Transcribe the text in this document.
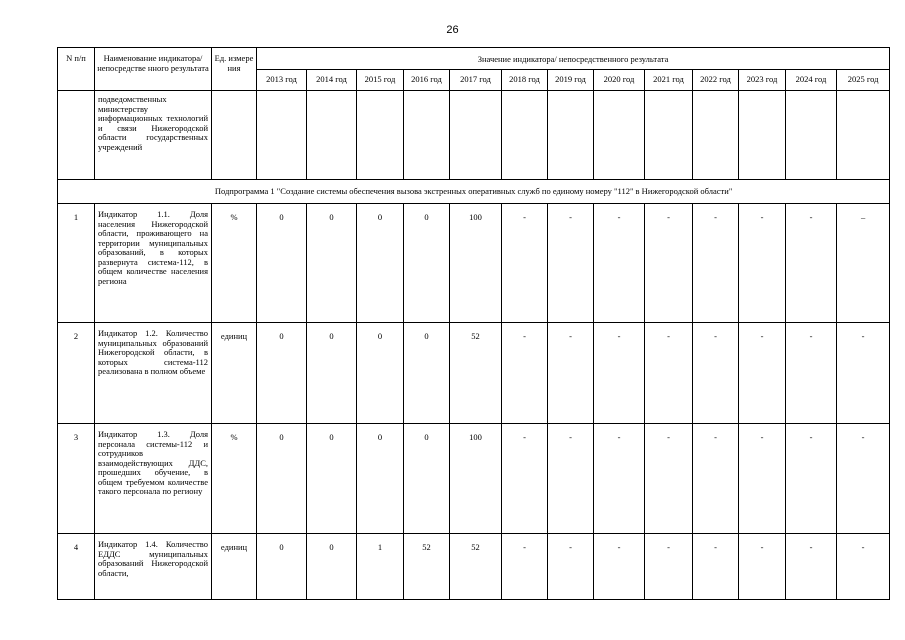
26
N п/п	Наименование индикатора/непосредстве нного результата	Ед. измере ния	Значение индикатора/ непосредственного результата												
			2013 год	2014 год	2015 год	2016 год	2017 год	2018 год	2019 год	2020 год	2021 год	2022 год	2023 год	2024 год	2025 год
	подведомственных министерству информационных технологий и связи Нижегородской области государственных учреждений														
Подпрограмма 1 "Создание системы обеспечения вызова экстренных оперативных служб по единому номеру "112" в Нижегородской области"															
1	Индикатор 1.1. Доля населения Нижегородской области, проживающего на территории муниципальных образований, в которых развернута система-112, в общем количестве населения региона	%	0	0	0	0	100	-	-	-	-	-	-	-	–
2	Индикатор 1.2. Количество муниципальных образований Нижегородской области, в которых система-112 реализована в полном объеме	единиц	0	0	0	0	52	-	-	-	-	-	-	-	-
3	Индикатор 1.3. Доля персонала системы-112 и сотрудников взаимодействующих ДДС, прошедших обучение, в общем требуемом количестве такого персонала по региону	%	0	0	0	0	100	-	-	-	-	-	-	-	-
4	Индикатор 1.4. Количество ЕДДС муниципальных образований Нижегородской области,	единиц	0	0	1	52	52	-	-	-	-	-	-	-	-
